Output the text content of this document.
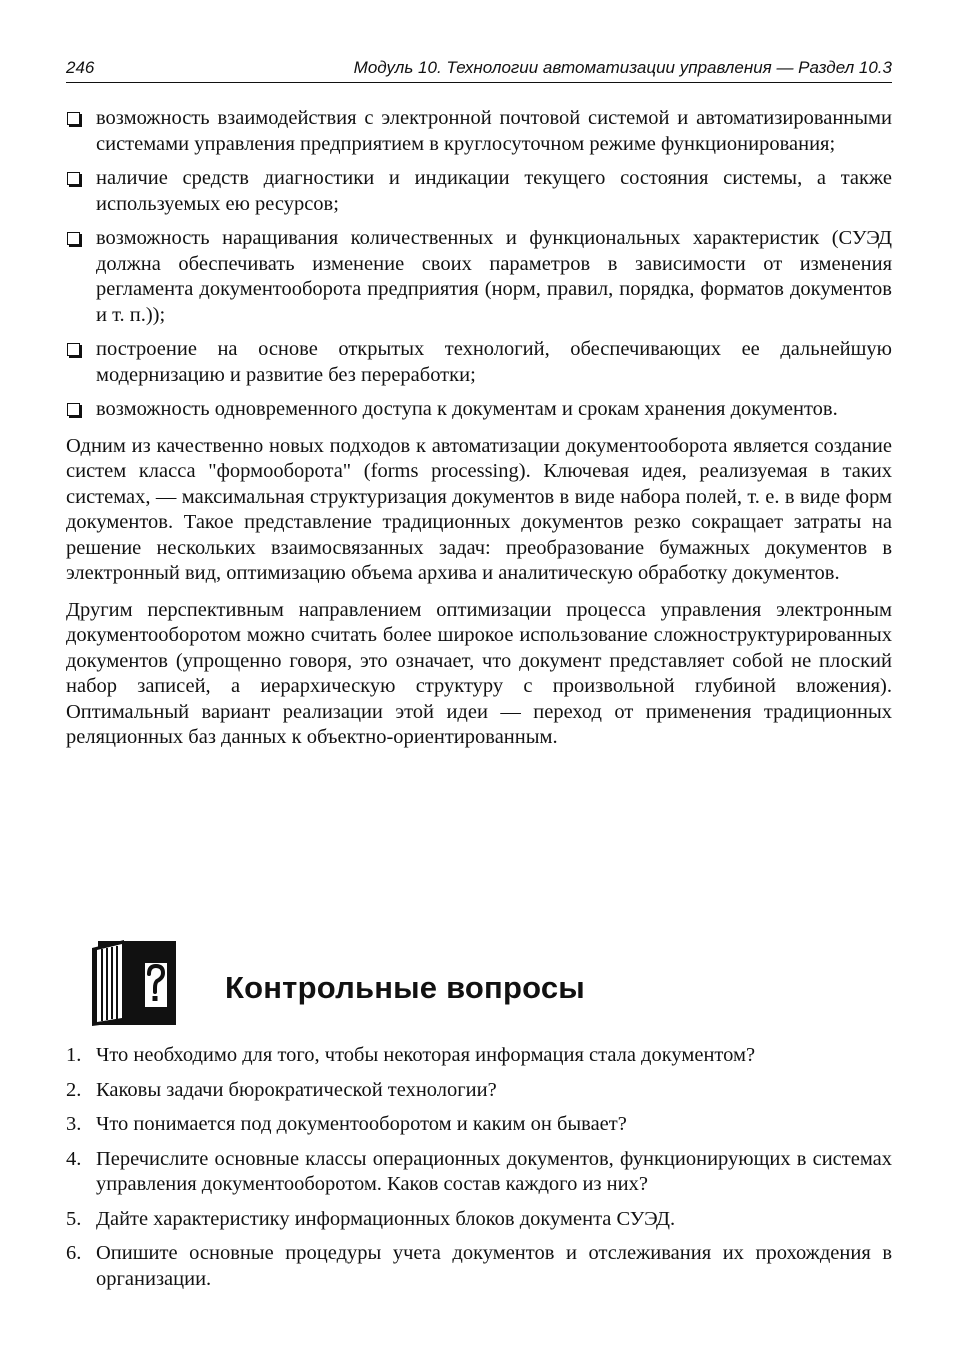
246	Модуль 10. Технологии автоматизации управления — Раздел 10.3
возможность взаимодействия с электронной почтовой системой и автоматизированными системами управления предприятием в круглосуточном режиме функционирования;
наличие средств диагностики и индикации текущего состояния системы, а также используемых ею ресурсов;
возможность наращивания количественных и функциональных характеристик (СУЭД должна обеспечивать изменение своих параметров в зависимости от изменения регламента документооборота предприятия (норм, правил, порядка, форматов документов и т. п.));
построение на основе открытых технологий, обеспечивающих ее дальнейшую модернизацию и развитие без переработки;
возможность одновременного доступа к документам и срокам хранения документов.

Одним из качественно новых подходов к автоматизации документооборота является создание систем класса "формооборота" (forms processing). Ключевая идея, реализуемая в таких системах, — максимальная структуризация документов в виде набора полей, т. е. в виде форм документов. Такое представление традиционных документов резко сокращает затраты на решение нескольких взаимосвязанных задач: преобразование бумажных документов в электронный вид, оптимизацию объема архива и аналитическую обработку документов.

Другим перспективным направлением оптимизации процесса управления электронным документооборотом можно считать более широкое использование сложноструктурированных документов (упрощенно говоря, это означает, что документ представляет собой не плоский набор записей, а иерархическую структуру с произвольной глубиной вложения). Оптимальный вариант реализации этой идеи — переход от применения традиционных реляционных баз данных к объектно-ориентированным.

Контрольные вопросы
1. Что необходимо для того, чтобы некоторая информация стала документом?
2. Каковы задачи бюрократической технологии?
3. Что понимается под документооборотом и каким он бывает?
4. Перечислите основные классы операционных документов, функционирующих в системах управления документооборотом. Каков состав каждого из них?
5. Дайте характеристику информационных блоков документа СУЭД.
6. Опишите основные процедуры учета документов и отслеживания их прохождения в организации.
